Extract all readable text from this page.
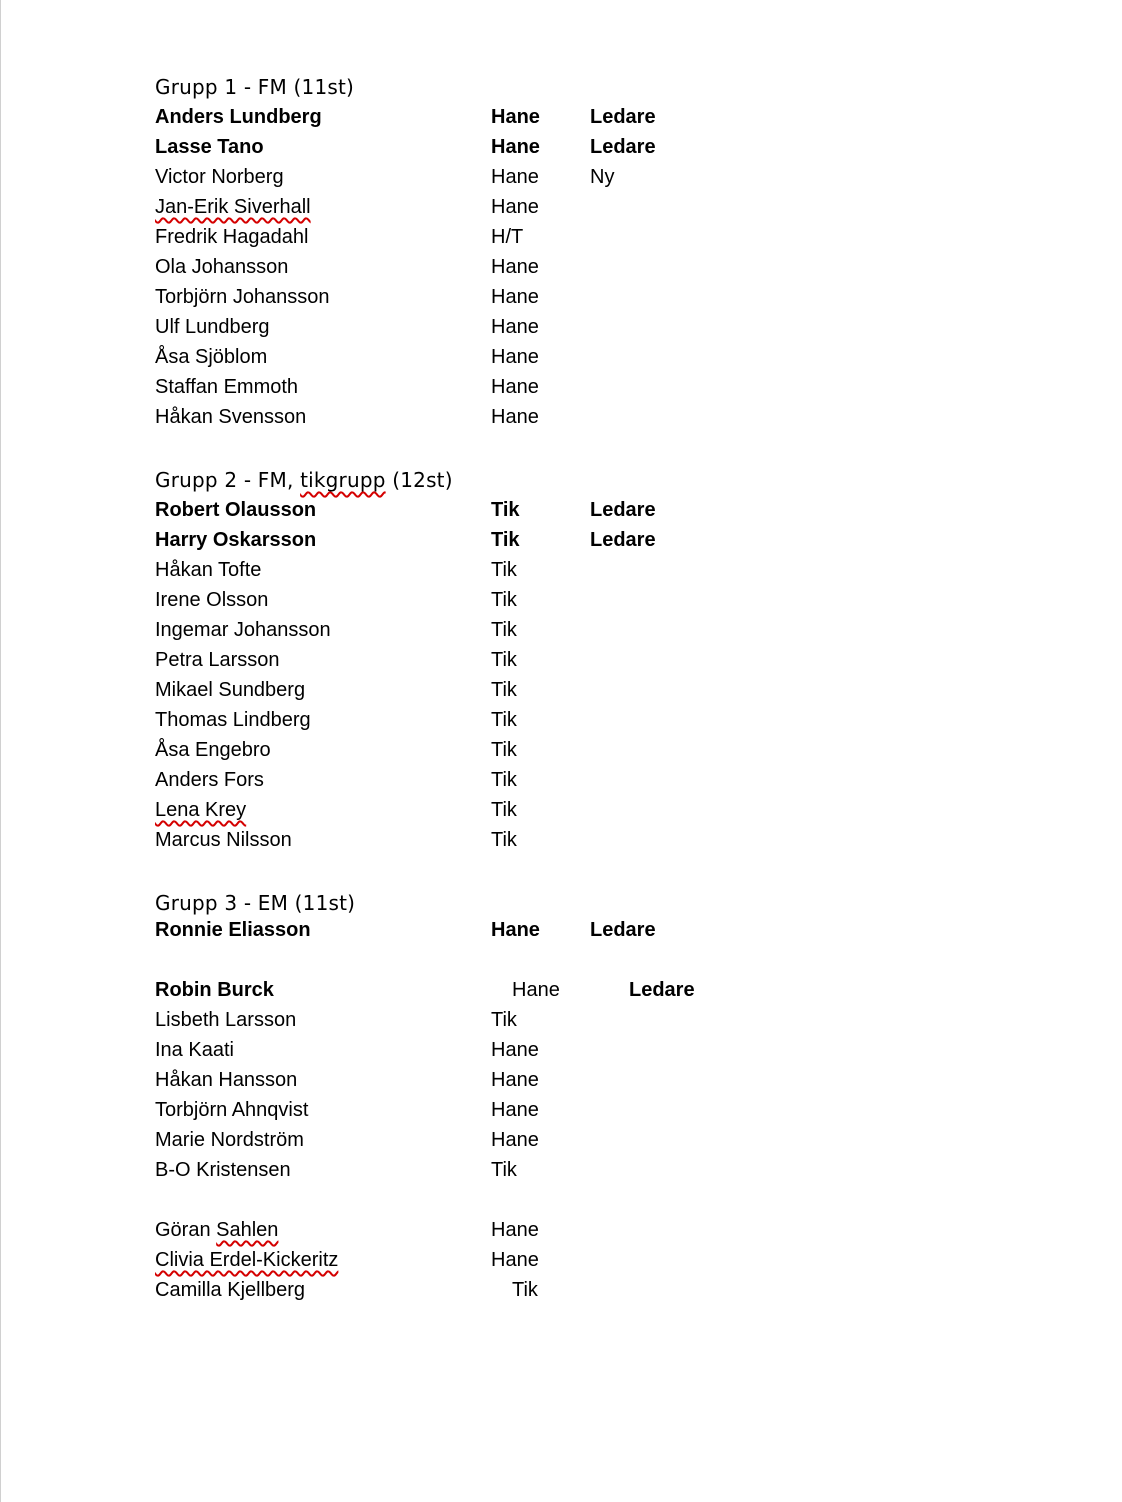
Grupp 1 - FM (11st)
Anders Lundberg	Hane	Ledare
Lasse Tano	Hane	Ledare
Victor Norberg	Hane	Ny
Jan-Erik Siverhall	Hane
Fredrik Hagadahl	H/T
Ola Johansson	Hane
Torbjörn Johansson	Hane
Ulf Lundberg	Hane
Åsa Sjöblom	Hane
Staffan Emmoth	Hane
Håkan Svensson	Hane
Grupp 2 - FM, tikgrupp (12st)
Robert Olausson	Tik	Ledare
Harry Oskarsson	Tik	Ledare
Håkan Tofte	Tik
Irene Olsson	Tik
Ingemar Johansson	Tik
Petra Larsson	Tik
Mikael Sundberg	Tik
Thomas Lindberg	Tik
Åsa Engebro	Tik
Anders Fors	Tik
Lena Krey	Tik
Marcus Nilsson	Tik
Grupp 3 - EM (11st)
Ronnie Eliasson	Hane	Ledare
Robin Burck	Hane	Ledare
Lisbeth Larsson	Tik
Ina Kaati	Hane
Håkan Hansson	Hane
Torbjörn Ahnqvist	Hane
Marie Nordström	Hane
B-O Kristensen	Tik
Göran Sahlen	Hane
Clivia Erdel-Kickeritz	Hane
Camilla Kjellberg	Tik
